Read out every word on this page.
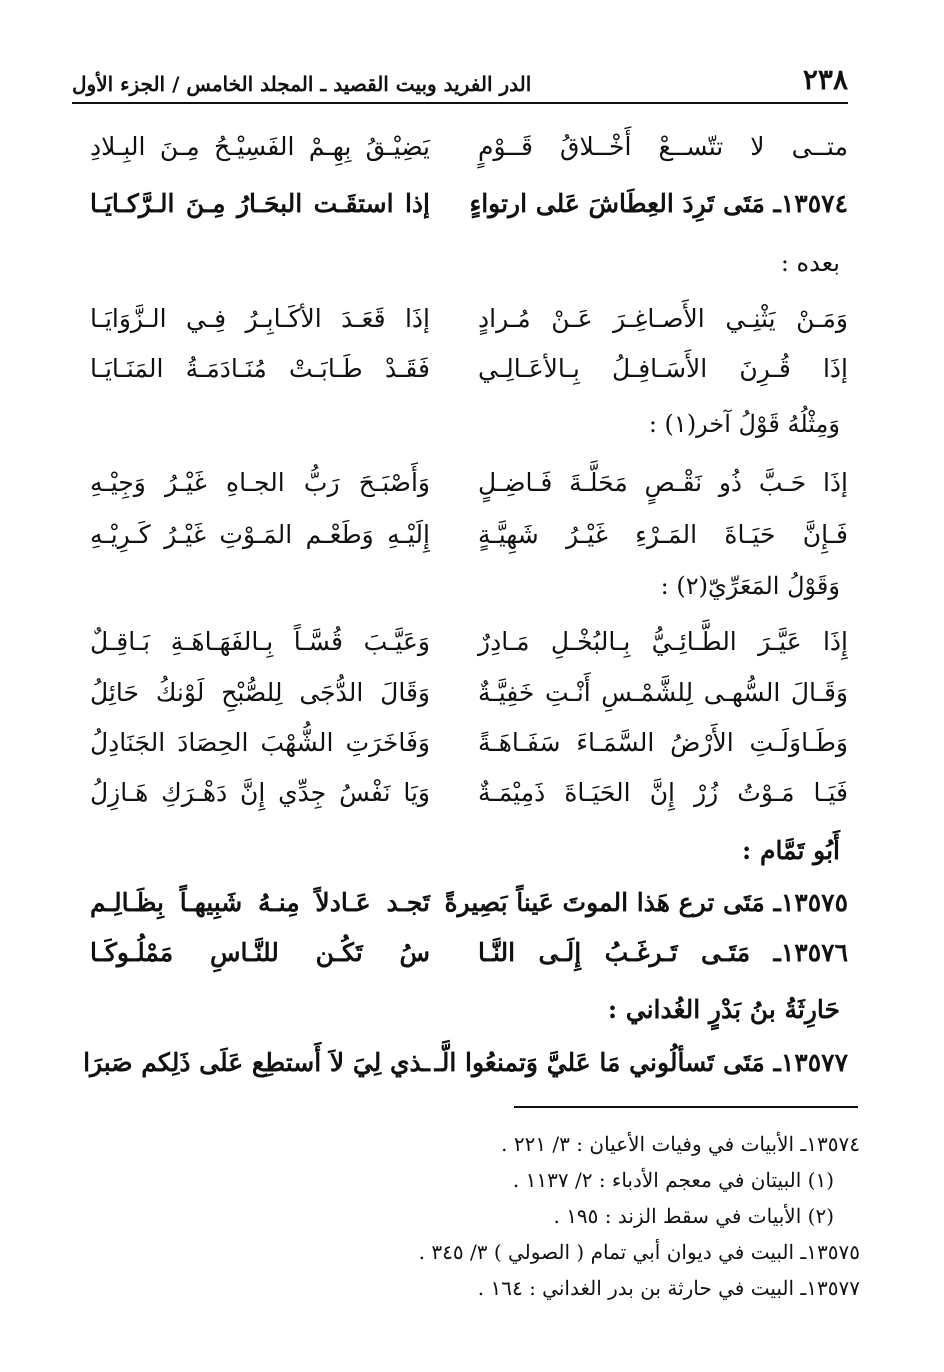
الدر الفريد وبيت القصيد ـ المجلد الخامس / الجزء الأول	٢٣٨
متــى لا تتّســعْ أَخْــلاقُ قَــوْمٍ
يَضِيْـقُ بِهِـمْ الفَسِيْـحُ مِـنَ البِـلادِ
١٣٥٧٤ـ مَتَى تَرِدَ العِطَاشَ عَلى ارتواءٍ
إذا استقَـت البحَـارُ مِـنَ الـرَّكـايَـا
بعده :
وَمَـنْ يَثْنِـي الأَصـاغِـرَ عَـنْ مُـرادٍ
إذَا قَعَـدَ الأكَـابِـرُ فِـي الـزَّوَايَـا
إذَا قُـرِنَ الأَسَـافِـلُ بِـالأعَـالِـي
فَقَـدْ طَـابَـتْ مُنَـادَمَـةُ المَنَـايَـا
وَمِثْلُهُ قَوْلُ آخر(١) :
إذَا حَـبَّ ذُو نَقْـصٍ مَحَلَّـةَ فَـاضِـلٍ
وَأَصْبَـحَ رَبُّ الجـاهِ غَيْـرُ وَجِيْـهِ
فَـإِنَّ حَيَـاةَ المَـرْءِ غَيْـرُ شَهِيَّـةٍ
إِلَيْـهِ وَطَعْـم المَـوْتِ غَيْـرُ كَـرِيْـهِ
وَقَوْلُ المَعَرِّيّ(٢) :
إِذَا عَيَّـرَ الطَّـائِـيُّ بِـالبُخْـلِ مَـادِرٌ
وَعَيَّـبَ قُسَّـاً بِـالفَهَـاهَـةِ بَـاقِـلٌ
وَقَـالَ السُّهـى لِلشَّمْـسِ أَنْـتِ خَفِيَّـةٌ
وَقَالَ الدُّجَى لِلصُّبْحِ لَوْنكُ حَائِلُ
وَطَـاوَلَـتِ الأَرْضُ السَّمَـاءَ سَفَـاهَـةً
وَفَاخَرَتِ الشُّهْبَ الحِصَادَ الجَنَادِلُ
فَيَـا مَـوْتُ زُرْ إِنَّ الحَيَـاةَ ذَمِيْمَـةٌ
وَيَا نَفْسُ جِدِّي إِنَّ دَهْـرَكِ هَـازِلُ
أَبُو تَمَّام :
١٣٥٧٥ـ مَتَى ترع هَذا الموتَ عَيناً بَصِيرةً
تَجـد عَـادلاً مِنـهُ شَبِيهـاً بِظَـالِـم
١٣٥٧٦ـ مَتَـى تَـرغَـبُ إِلَـى النَّـا
سُ تَكُـن للنَّـاسِ مَمْلُـوكَـا
حَارِثَةُ بنُ بَدْرٍ الغُداني :
١٣٥٧٧ـ مَتَى تَسألُوني مَا عَليَّ وَتمنعُوا الَّـ
ـذي لِيَ لاَ أَستطِع عَلَى ذَلِكم صَبرَا
١٣٥٧٤ـ الأبيات في وفيات الأعيان : ٣/ ٢٢١ .
(١) البيتان في معجم الأدباء : ٢/ ١١٣٧ .
(٢) الأبيات في سقط الزند : ١٩٥ .
١٣٥٧٥ـ البيت في ديوان أبي تمام ( الصولي ) ٣/ ٣٤٥ .
١٣٥٧٧ـ البيت في حارثة بن بدر الغداني : ١٦٤ .
